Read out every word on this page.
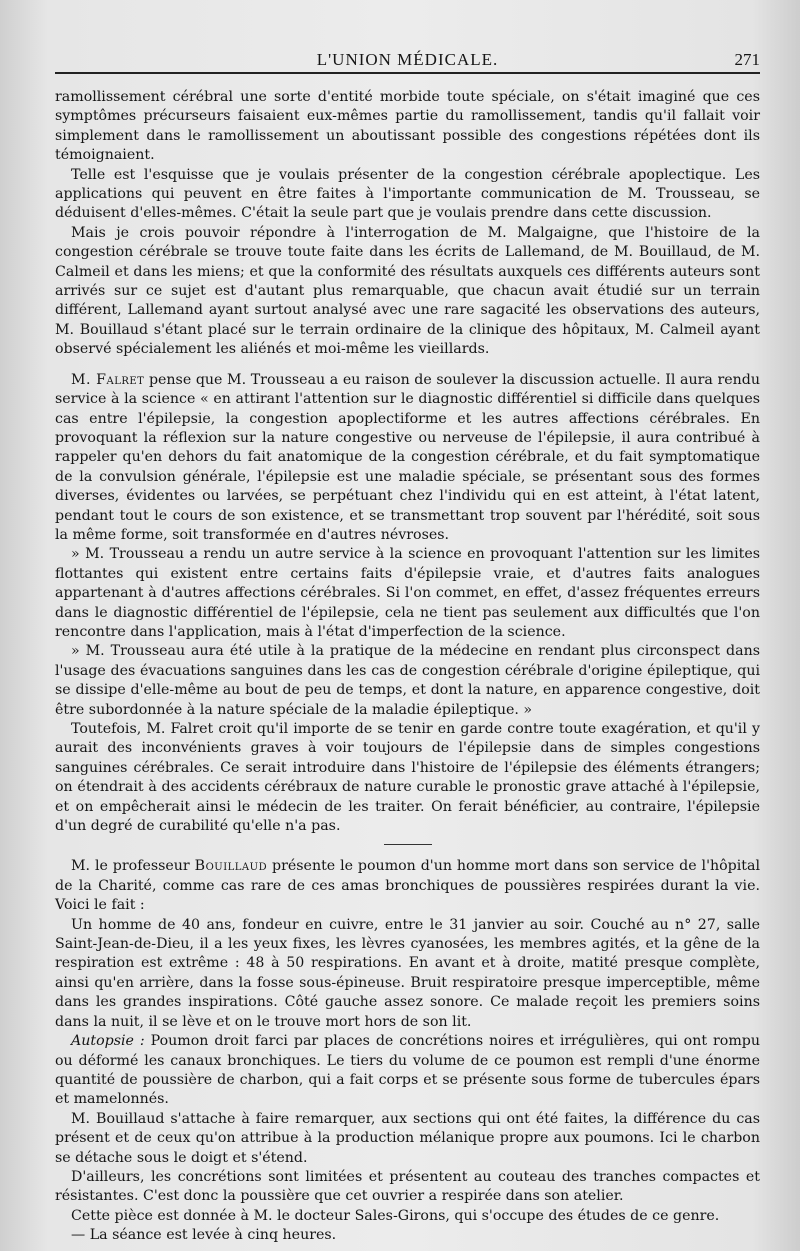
L'UNION MÉDICALE.	271

ramollissement cérébral une sorte d'entité morbide toute spéciale, on s'était imaginé que ces symptômes précurseurs faisaient eux-mêmes partie du ramollissement, tandis qu'il fallait voir simplement dans le ramollissement un aboutissant possible des congestions répétées dont ils témoignaient.

Telle est l'esquisse que je voulais présenter de la congestion cérébrale apoplectique. Les applications qui peuvent en être faites à l'importante communication de M. Trousseau, se déduisent d'elles-mêmes. C'était la seule part que je voulais prendre dans cette discussion.

Mais je crois pouvoir répondre à l'interrogation de M. Malgaigne, que l'histoire de la congestion cérébrale se trouve toute faite dans les écrits de Lallemand, de M. Bouillaud, de M. Calmeil et dans les miens; et que la conformité des résultats auxquels ces différents auteurs sont arrivés sur ce sujet est d'autant plus remarquable, que chacun avait étudié sur un terrain différent, Lallemand ayant surtout analysé avec une rare sagacité les observations des auteurs, M. Bouillaud s'étant placé sur le terrain ordinaire de la clinique des hôpitaux, M. Calmeil ayant observé spécialement les aliénés et moi-même les vieillards.

M. Falret pense que M. Trousseau a eu raison de soulever la discussion actuelle. Il aura rendu service à la science « en attirant l'attention sur le diagnostic différentiel si difficile dans quelques cas entre l'épilepsie, la congestion apoplectiforme et les autres affections cérébrales. En provoquant la réflexion sur la nature congestive ou nerveuse de l'épilepsie, il aura contribué à rappeler qu'en dehors du fait anatomique de la congestion cérébrale, et du fait symptomatique de la convulsion générale, l'épilepsie est une maladie spéciale, se présentant sous des formes diverses, évidentes ou larvées, se perpétuant chez l'individu qui en est atteint, à l'état latent, pendant tout le cours de son existence, et se transmettant trop souvent par l'hérédité, soit sous la même forme, soit transformée en d'autres névroses.

» M. Trousseau a rendu un autre service à la science en provoquant l'attention sur les limites flottantes qui existent entre certains faits d'épilepsie vraie, et d'autres faits analogues appartenant à d'autres affections cérébrales. Si l'on commet, en effet, d'assez fréquentes erreurs dans le diagnostic différentiel de l'épilepsie, cela ne tient pas seulement aux difficultés que l'on rencontre dans l'application, mais à l'état d'imperfection de la science.

» M. Trousseau aura été utile à la pratique de la médecine en rendant plus circonspect dans l'usage des évacuations sanguines dans les cas de congestion cérébrale d'origine épileptique, qui se dissipe d'elle-même au bout de peu de temps, et dont la nature, en apparence congestive, doit être subordonnée à la nature spéciale de la maladie épileptique. »

Toutefois, M. Falret croit qu'il importe de se tenir en garde contre toute exagération, et qu'il y aurait des inconvénients graves à voir toujours de l'épilepsie dans de simples congestions sanguines cérébrales. Ce serait introduire dans l'histoire de l'épilepsie des éléments étrangers; on étendrait à des accidents cérébraux de nature curable le pronostic grave attaché à l'épilepsie, et on empêcherait ainsi le médecin de les traiter. On ferait bénéficier, au contraire, l'épilepsie d'un degré de curabilité qu'elle n'a pas.

M. le professeur Bouillaud présente le poumon d'un homme mort dans son service de l'hôpital de la Charité, comme cas rare de ces amas bronchiques de poussières respirées durant la vie. Voici le fait :

Un homme de 40 ans, fondeur en cuivre, entre le 31 janvier au soir. Couché au n° 27, salle Saint-Jean-de-Dieu, il a les yeux fixes, les lèvres cyanosées, les membres agités, et la gêne de la respiration est extrême : 48 à 50 respirations. En avant et à droite, matité presque complète, ainsi qu'en arrière, dans la fosse sous-épineuse. Bruit respiratoire presque imperceptible, même dans les grandes inspirations. Côté gauche assez sonore. Ce malade reçoit les premiers soins dans la nuit, il se lève et on le trouve mort hors de son lit.

Autopsie : Poumon droit farci par places de concrétions noires et irrégulières, qui ont rompu ou déformé les canaux bronchiques. Le tiers du volume de ce poumon est rempli d'une énorme quantité de poussière de charbon, qui a fait corps et se présente sous forme de tubercules épars et mamelonnés.

M. Bouillaud s'attache à faire remarquer, aux sections qui ont été faites, la différence du cas présent et de ceux qu'on attribue à la production mélanique propre aux poumons. Ici le charbon se détache sous le doigt et s'étend.

D'ailleurs, les concrétions sont limitées et présentent au couteau des tranches compactes et résistantes. C'est donc la poussière que cet ouvrier a respirée dans son atelier.

Cette pièce est donnée à M. le docteur Sales-Girons, qui s'occupe des études de ce genre.

— La séance est levée à cinq heures.
